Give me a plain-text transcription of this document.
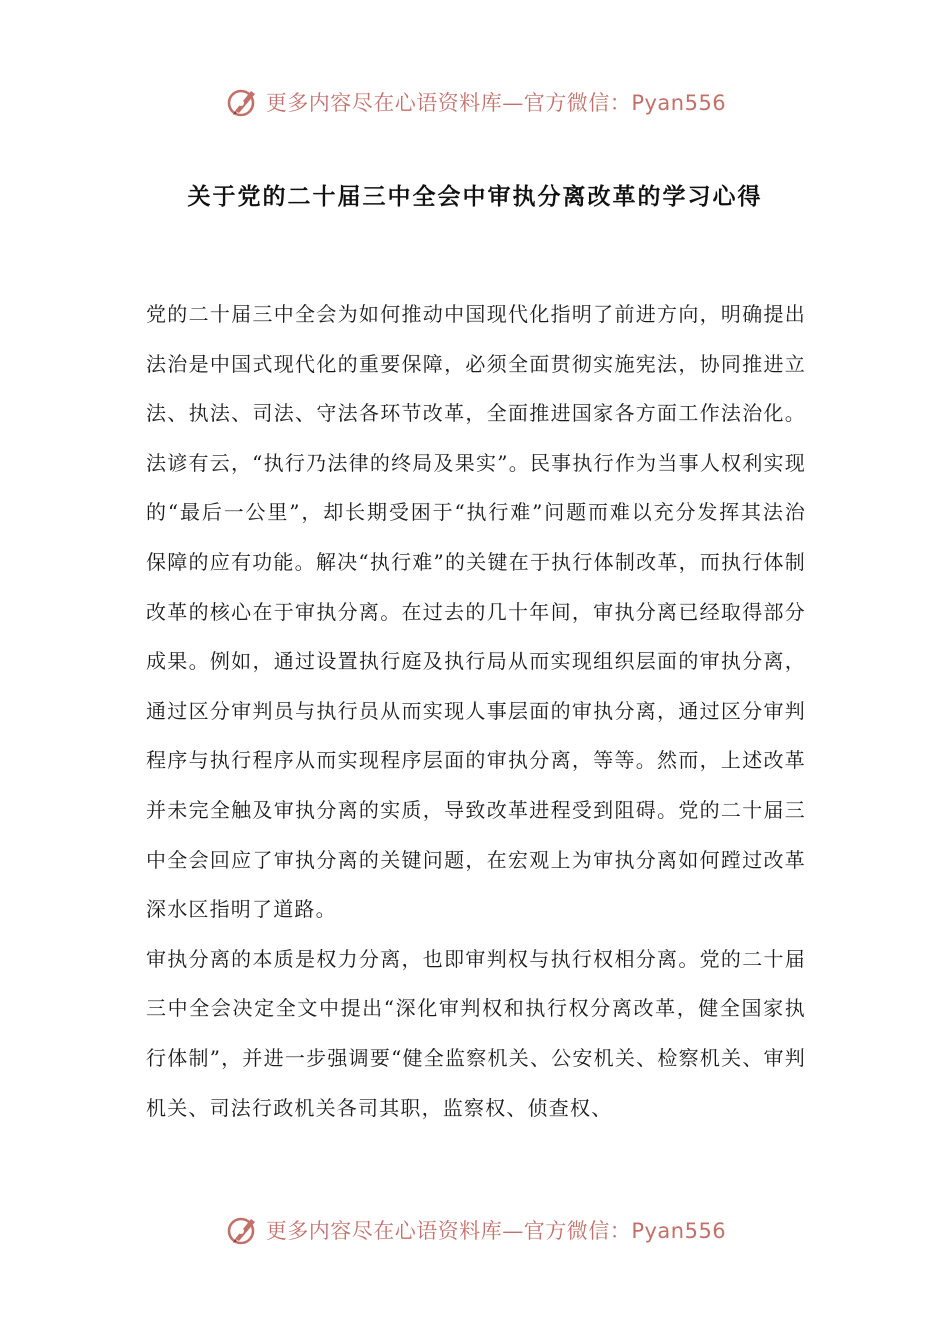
更多内容尽在心语资料库—官方微信：Pyan556
关于党的二十届三中全会中审执分离改革的学习心得

党的二十届三中全会为如何推动中国现代化指明了前进方向，明确提出法治是中国式现代化的重要保障，必须全面贯彻实施宪法，协同推进立法、执法、司法、守法各环节改革，全面推进国家各方面工作法治化。法谚有云，“执行乃法律的终局及果实”。民事执行作为当事人权利实现的“最后一公里”，却长期受困于“执行难”问题而难以充分发挥其法治保障的应有功能。解决“执行难”的关键在于执行体制改革，而执行体制改革的核心在于审执分离。在过去的几十年间，审执分离已经取得部分成果。例如，通过设置执行庭及执行局从而实现组织层面的审执分离，通过区分审判员与执行员从而实现人事层面的审执分离，通过区分审判程序与执行程序从而实现程序层面的审执分离，等等。然而，上述改革并未完全触及审执分离的实质，导致改革进程受到阻碍。党的二十届三中全会回应了审执分离的关键问题，在宏观上为审执分离如何蹚过改革深水区指明了道路。

审执分离的本质是权力分离，也即审判权与执行权相分离。党的二十届三中全会决定全文中提出“深化审判权和执行权分离改革，健全国家执行体制”，并进一步强调要“健全监察机关、公安机关、检察机关、审判机关、司法行政机关各司其职，监察权、侦查权、

更多内容尽在心语资料库—官方微信：Pyan556
